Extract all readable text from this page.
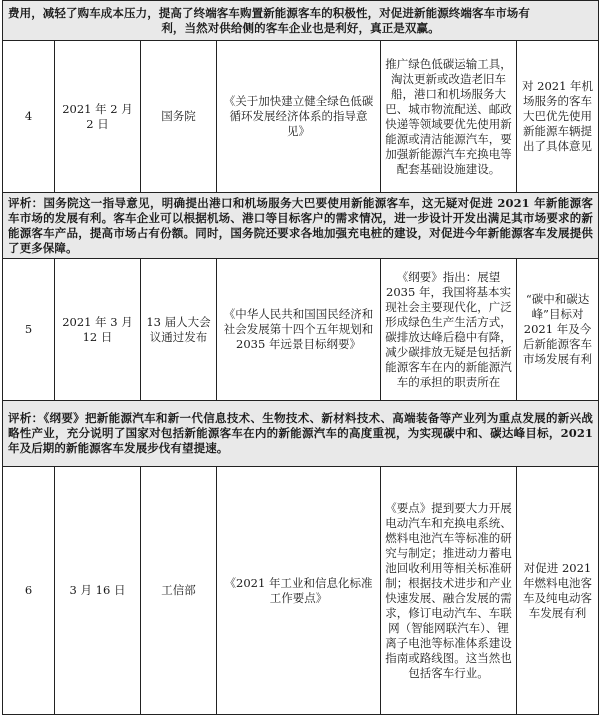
费用，减轻了购车成本压力，提高了终端客车购置新能源客车的积极性，对促进新能源终端客车市场有

利，当然对供给侧的客车企业也是利好，真正是双赢。					

4	2021 年 2 月 2 日	国务院	《关于加快建立健全绿色低碳循环发展经济体系的指导意见》	推广绿色低碳运输工具，淘汰更新或改造老旧车船，港口和机场服务大巴、城市物流配送、邮政快递等领域要优先使用新能源或清洁能源汽车，要加强新能源汽车充换电等配套基础设施建设。	对 2021 年机场服务的客车大巴优先使用新能源车辆提出了具体意见
评析：国务院这一指导意见，明确提出港口和机场服务大巴要使用新能源客车，这无疑对促进 2021 年新能源客车市场的发展有利。客车企业可以根据机场、港口等目标客户的需求情况，进一步设计开发出满足其市场要求的新能源客车产品，提高市场占有份额。同时，国务院还要求各地加强充电桩的建设，对促进今年新能源客车发展提供了更多保障。					
5	2021 年 3 月 12 日	13 届人大会议通过发布	《中华人民共和国国民经济和社会发展第十四个五年规划和 2035 年远景目标纲要》	《纲要》指出：展望 2035 年，我国将基本实现社会主要现代化，广泛形成绿色生产生活方式，碳排放达峰后稳中有降，减少碳排放无疑是包括新能源客车在内的新能源汽车的承担的职责所在	“碳中和碳达峰”目标对 2021 年及今后新能源客车市场发展有利
评析：《纲要》把新能源汽车和新一代信息技术、生物技术、新材料技术、高端装备等产业列为重点发展的新兴战略性产业，充分说明了国家对包括新能源客车在内的新能源汽车的高度重视，为实现碳中和、碳达峰目标，2021 年及后期的新能源客车发展步伐有望提速。					
6	3 月 16 日	工信部	《2021 年工业和信息化标准工作要点》	《要点》提到要大力开展电动汽车和充换电系统、燃料电池汽车等标准的研究与制定；推进动力蓄电池回收利用等相关标准研制；根据技术进步和产业快速发展、融合发展的需求，修订电动汽车、车联网（智能网联汽车）、锂离子电池等标准体系建设指南或路线图。这当然也包括客车行业。	对促进 2021 年燃料电池客车及纯电动客车发展有利
